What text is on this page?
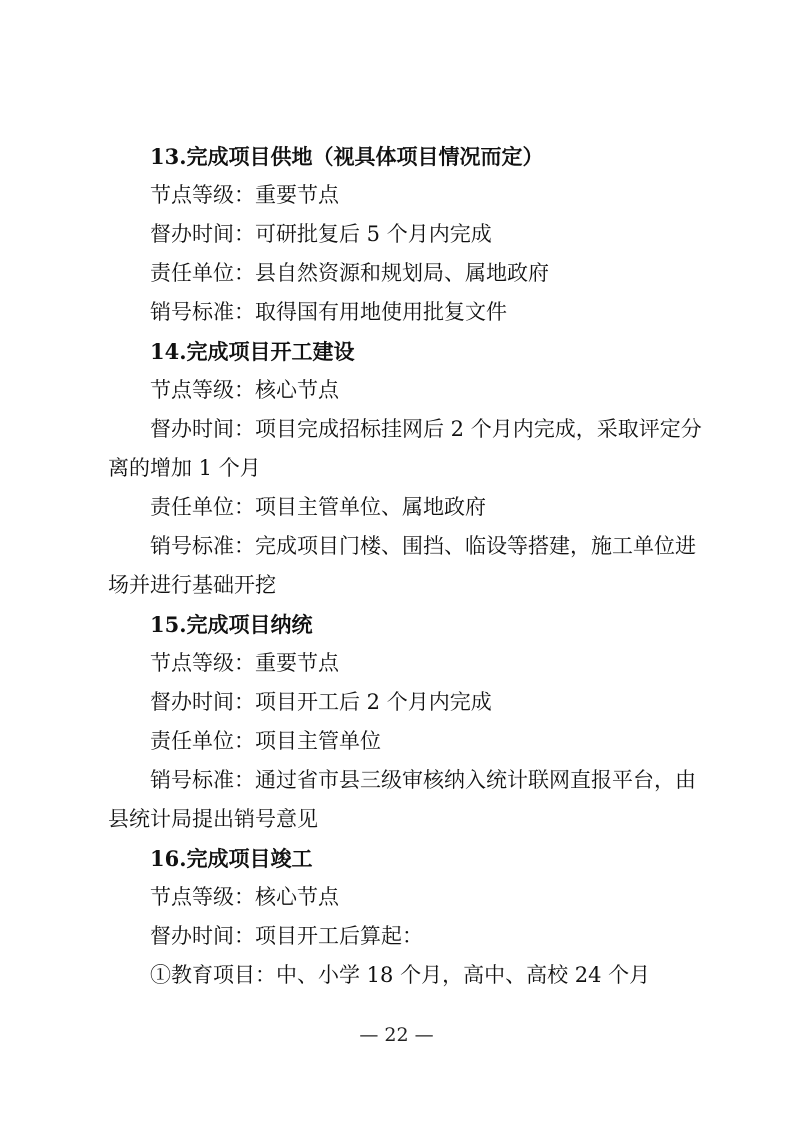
13.完成项目供地（视具体项目情况而定）
节点等级：重要节点
督办时间：可研批复后 5 个月内完成
责任单位：县自然资源和规划局、属地政府
销号标准：取得国有用地使用批复文件
14.完成项目开工建设
节点等级：核心节点
督办时间：项目完成招标挂网后 2 个月内完成，采取评定分
离的增加 1 个月
责任单位：项目主管单位、属地政府
销号标准：完成项目门楼、围挡、临设等搭建，施工单位进
场并进行基础开挖
15.完成项目纳统
节点等级：重要节点
督办时间：项目开工后 2 个月内完成
责任单位：项目主管单位
销号标准：通过省市县三级审核纳入统计联网直报平台，由
县统计局提出销号意见
16.完成项目竣工
节点等级：核心节点
督办时间：项目开工后算起：
①教育项目：中、小学 18 个月，高中、高校 24 个月
— 22 —
